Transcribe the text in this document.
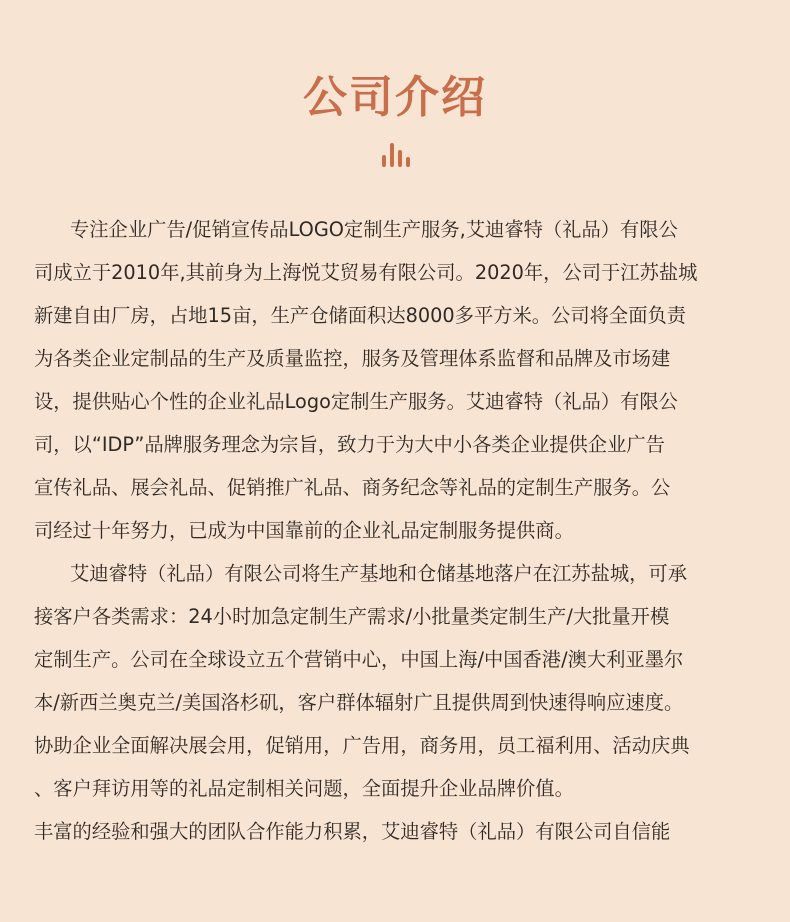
公司介绍

专注企业广告/促销宣传品LOGO定制生产服务,艾迪睿特（礼品）有限公
司成立于2010年,其前身为上海悦艾贸易有限公司。2020年，公司于江苏盐城
新建自由厂房，占地15亩，生产仓储面积达8000多平方米。公司将全面负责
为各类企业定制品的生产及质量监控，服务及管理体系监督和品牌及市场建
设，提供贴心个性的企业礼品Logo定制生产服务。艾迪睿特（礼品）有限公
司，以“IDP”品牌服务理念为宗旨，致力于为大中小各类企业提供企业广告
宣传礼品、展会礼品、促销推广礼品、商务纪念等礼品的定制生产服务。公
司经过十年努力，已成为中国靠前的企业礼品定制服务提供商。

艾迪睿特（礼品）有限公司将生产基地和仓储基地落户在江苏盐城，可承
接客户各类需求：24小时加急定制生产需求/小批量类定制生产/大批量开模
定制生产。公司在全球设立五个营销中心，中国上海/中国香港/澳大利亚墨尔
本/新西兰奥克兰/美国洛杉矶，客户群体辐射广且提供周到快速得响应速度。
协助企业全面解决展会用，促销用，广告用，商务用，员工福利用、活动庆典
、客户拜访用等的礼品定制相关问题，全面提升企业品牌价值。

丰富的经验和强大的团队合作能力积累，艾迪睿特（礼品）有限公司自信能
